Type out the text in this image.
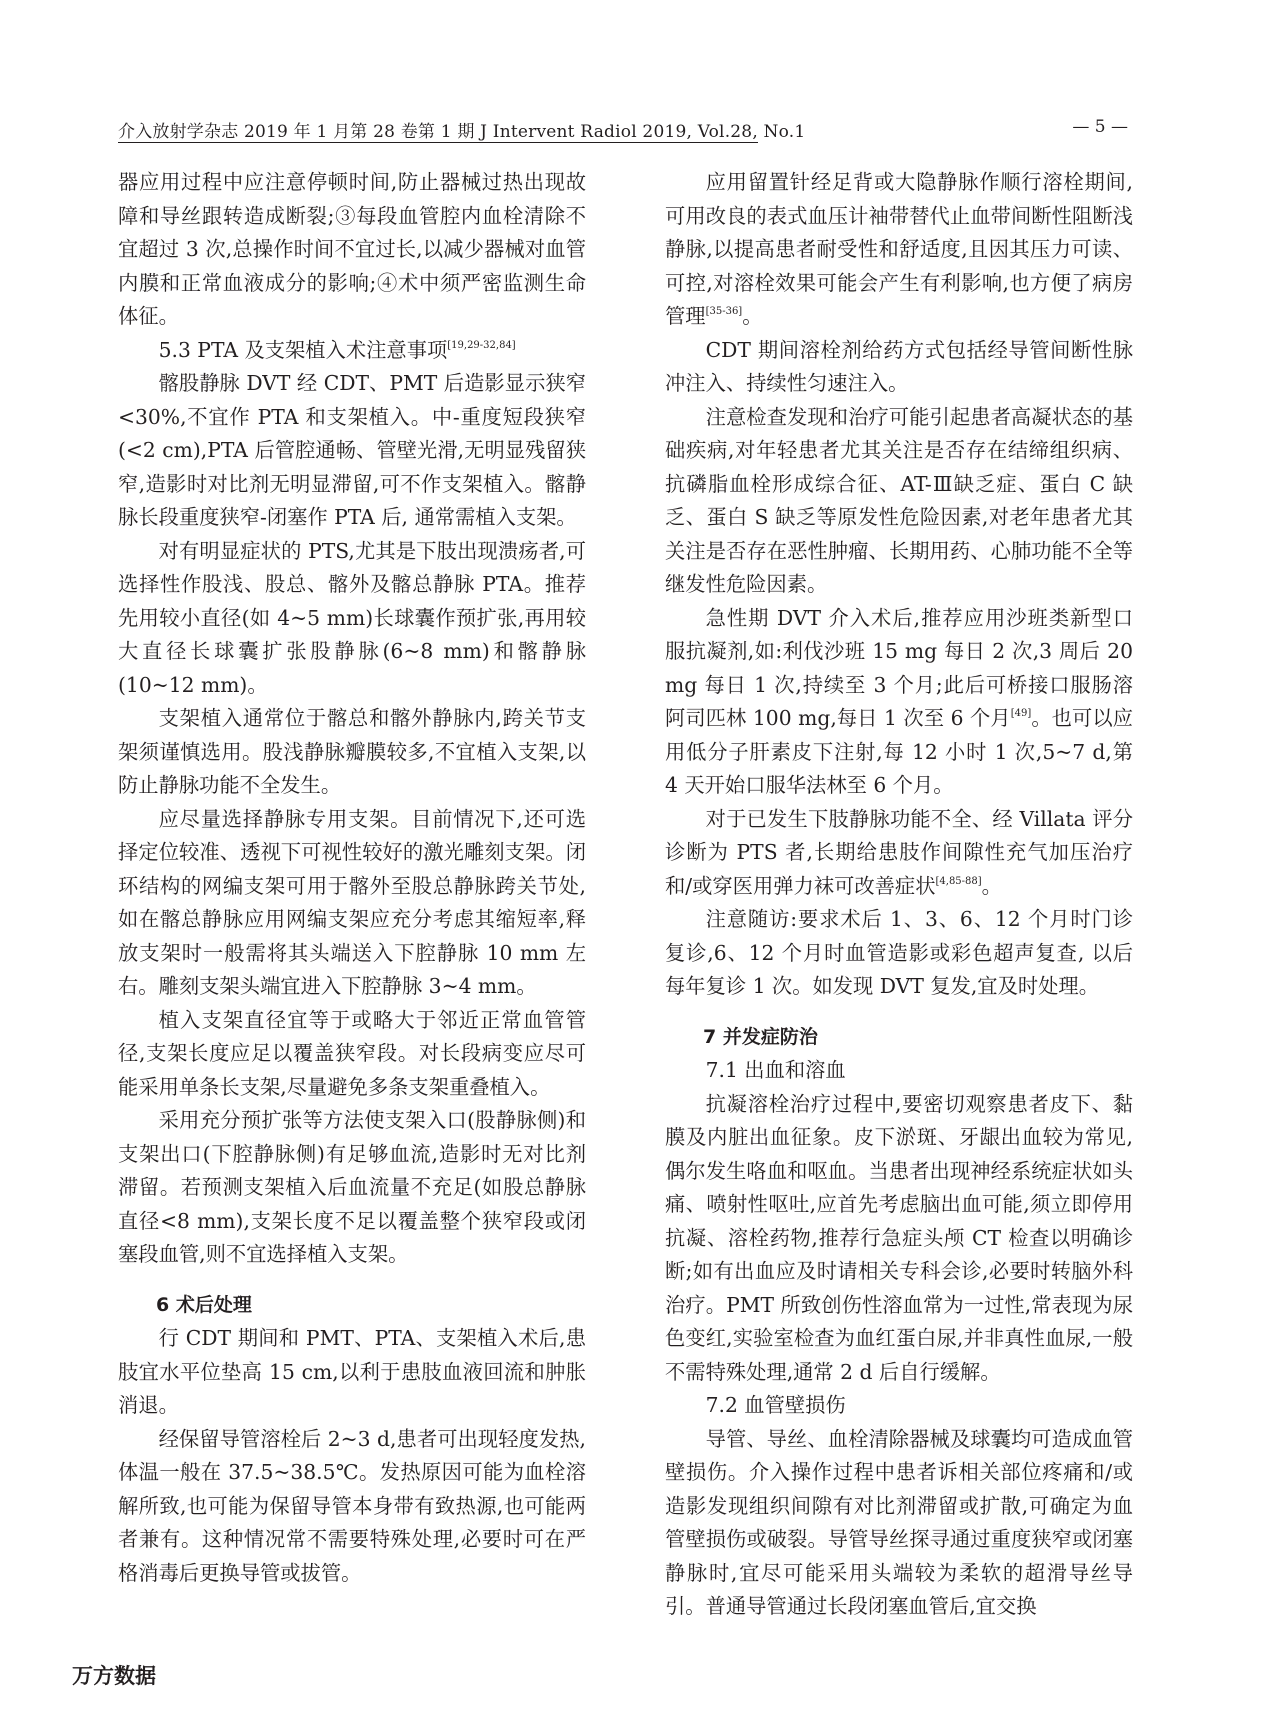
介入放射学杂志 2019 年 1 月第 28 卷第 1 期 J Intervent Radiol 2019, Vol.28, No.1	— 5 —

器应用过程中应注意停顿时间,防止器械过热出现故障和导丝跟转造成断裂;③每段血管腔内血栓清除不宜超过 3 次,总操作时间不宜过长,以减少器械对血管内膜和正常血液成分的影响;④术中须严密监测生命体征。

5.3 PTA 及支架植入术注意事项[19,29-32,84]

髂股静脉 DVT 经 CDT、PMT 后造影显示狭窄<30%,不宜作 PTA 和支架植入。中-重度短段狭窄(<2 cm),PTA 后管腔通畅、管壁光滑,无明显残留狭窄,造影时对比剂无明显滞留,可不作支架植入。髂静脉长段重度狭窄-闭塞作 PTA 后, 通常需植入支架。

对有明显症状的 PTS,尤其是下肢出现溃疡者,可选择性作股浅、股总、髂外及髂总静脉 PTA。推荐先用较小直径(如 4~5 mm)长球囊作预扩张,再用较大直径长球囊扩张股静脉(6~8 mm)和髂静脉(10~12 mm)。

支架植入通常位于髂总和髂外静脉内,跨关节支架须谨慎选用。股浅静脉瓣膜较多,不宜植入支架,以防止静脉功能不全发生。

应尽量选择静脉专用支架。目前情况下,还可选择定位较准、透视下可视性较好的激光雕刻支架。闭环结构的网编支架可用于髂外至股总静脉跨关节处,如在髂总静脉应用网编支架应充分考虑其缩短率,释放支架时一般需将其头端送入下腔静脉 10 mm 左右。雕刻支架头端宜进入下腔静脉 3~4 mm。

植入支架直径宜等于或略大于邻近正常血管管径,支架长度应足以覆盖狭窄段。对长段病变应尽可能采用单条长支架,尽量避免多条支架重叠植入。

采用充分预扩张等方法使支架入口(股静脉侧)和支架出口(下腔静脉侧)有足够血流,造影时无对比剂滞留。若预测支架植入后血流量不充足(如股总静脉直径<8 mm),支架长度不足以覆盖整个狭窄段或闭塞段血管,则不宜选择植入支架。

6 术后处理

行 CDT 期间和 PMT、PTA、支架植入术后,患肢宜水平位垫高 15 cm,以利于患肢血液回流和肿胀消退。

经保留导管溶栓后 2~3 d,患者可出现轻度发热,体温一般在 37.5~38.5℃。发热原因可能为血栓溶解所致,也可能为保留导管本身带有致热源,也可能两者兼有。这种情况常不需要特殊处理,必要时可在严格消毒后更换导管或拔管。

应用留置针经足背或大隐静脉作顺行溶栓期间,可用改良的表式血压计袖带替代止血带间断性阻断浅静脉,以提高患者耐受性和舒适度,且因其压力可读、可控,对溶栓效果可能会产生有利影响,也方便了病房管理[35-36]。

CDT 期间溶栓剂给药方式包括经导管间断性脉冲注入、持续性匀速注入。

注意检查发现和治疗可能引起患者高凝状态的基础疾病,对年轻患者尤其关注是否存在结缔组织病、抗磷脂血栓形成综合征、AT-Ⅲ缺乏症、蛋白 C 缺乏、蛋白 S 缺乏等原发性危险因素,对老年患者尤其关注是否存在恶性肿瘤、长期用药、心肺功能不全等继发性危险因素。

急性期 DVT 介入术后,推荐应用沙班类新型口服抗凝剂,如:利伐沙班 15 mg 每日 2 次,3 周后 20 mg 每日 1 次,持续至 3 个月;此后可桥接口服肠溶阿司匹林 100 mg,每日 1 次至 6 个月[49]。也可以应用低分子肝素皮下注射,每 12 小时 1 次,5~7 d,第 4 天开始口服华法林至 6 个月。

对于已发生下肢静脉功能不全、经 Villata 评分诊断为 PTS 者,长期给患肢作间隙性充气加压治疗和/或穿医用弹力袜可改善症状[4,85-88]。

注意随访:要求术后 1、3、6、12 个月时门诊复诊,6、12 个月时血管造影或彩色超声复查, 以后每年复诊 1 次。如发现 DVT 复发,宜及时处理。

7 并发症防治

7.1 出血和溶血

抗凝溶栓治疗过程中,要密切观察患者皮下、黏膜及内脏出血征象。皮下淤斑、牙龈出血较为常见,偶尔发生咯血和呕血。当患者出现神经系统症状如头痛、喷射性呕吐,应首先考虑脑出血可能,须立即停用抗凝、溶栓药物,推荐行急症头颅 CT 检查以明确诊断;如有出血应及时请相关专科会诊,必要时转脑外科治疗。PMT 所致创伤性溶血常为一过性,常表现为尿色变红,实验室检查为血红蛋白尿,并非真性血尿,一般不需特殊处理,通常 2 d 后自行缓解。

7.2 血管壁损伤

导管、导丝、血栓清除器械及球囊均可造成血管壁损伤。介入操作过程中患者诉相关部位疼痛和/或造影发现组织间隙有对比剂滞留或扩散,可确定为血管壁损伤或破裂。导管导丝探寻通过重度狭窄或闭塞静脉时,宜尽可能采用头端较为柔软的超滑导丝导引。普通导管通过长段闭塞血管后,宜交换

万方数据
